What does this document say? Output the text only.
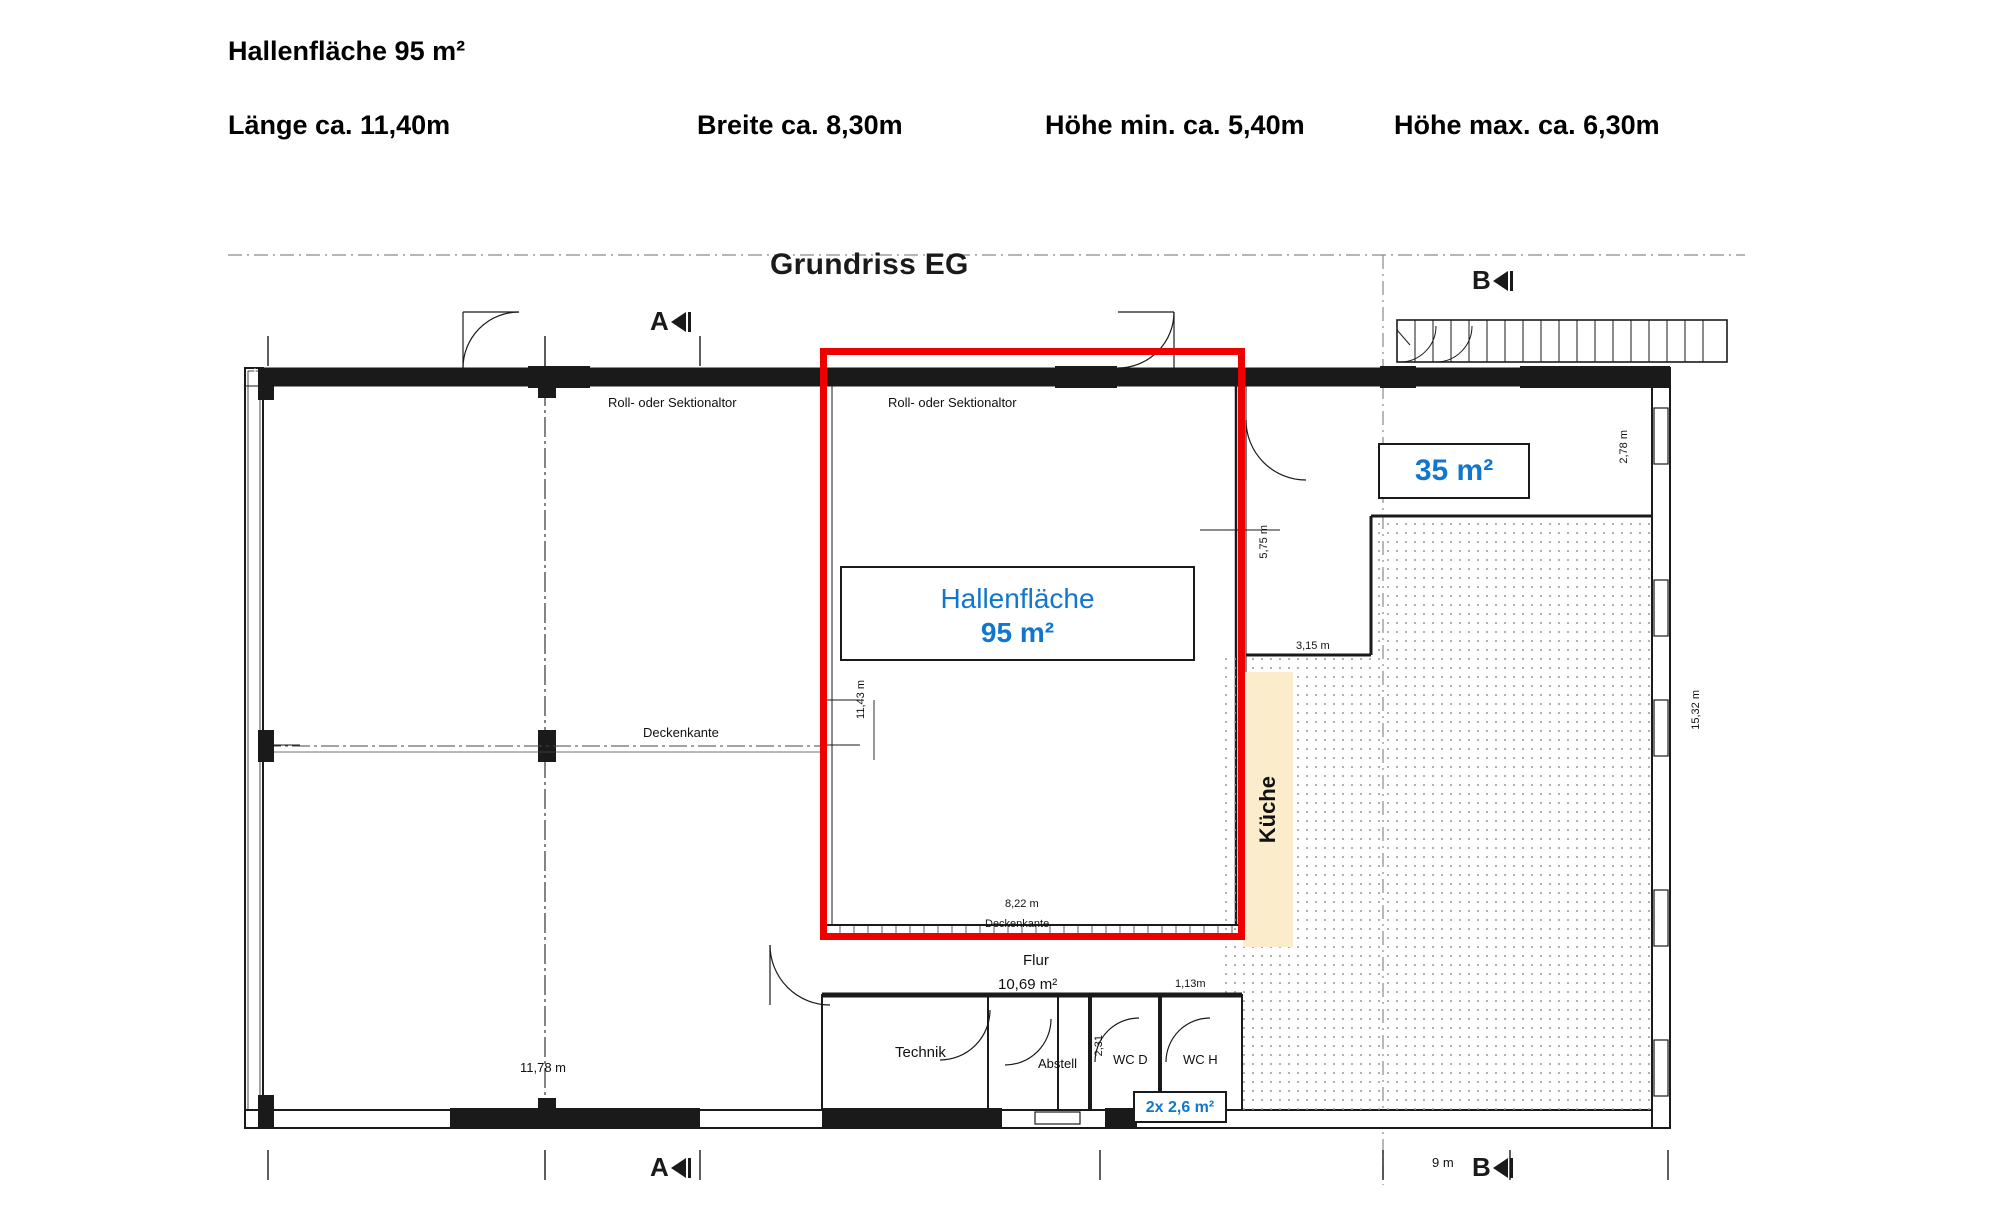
Hallenfläche 95 m²
Länge ca. 11,40m	Breite ca. 8,30m	Höhe min. ca. 5,40m	Höhe max. ca. 6,30m
Grundriss EG
A
B
A	B
Küche
35 m²
Hallenfläche
95 m²
2x 2,6 m²
Roll- oder Sektionaltor	Roll- oder Sektionaltor
Deckenkante
Deckenkante
11,43 m
8,22 m
5,75 m
3,15 m
2,78 m
15,32 m
11,78 m
1,13m
2,31
9 m
Flur
10,69 m²
Technik
Abstell	WC D	WC H
